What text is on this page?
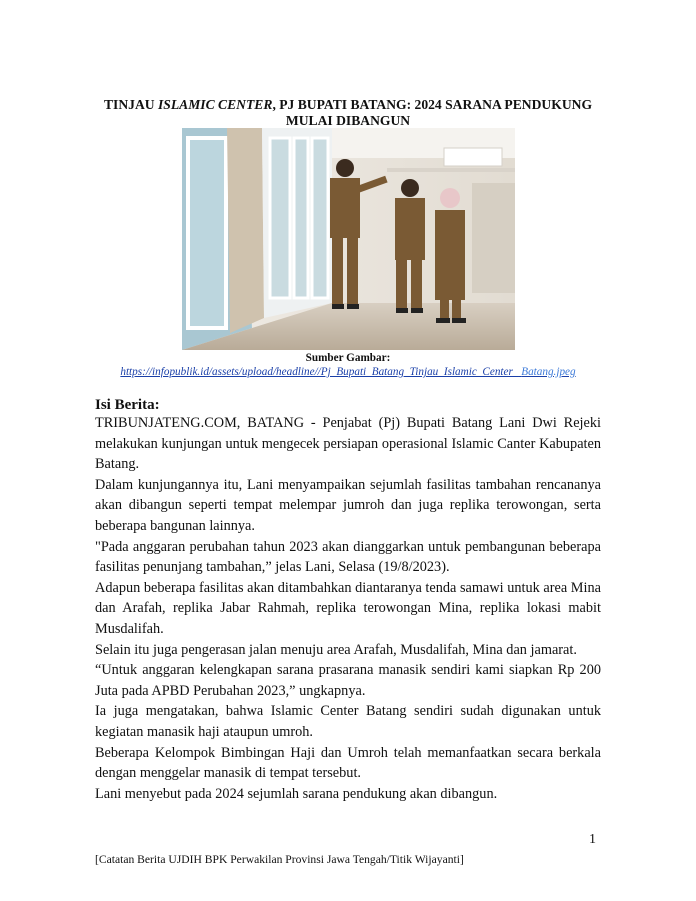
TINJAU ISLAMIC CENTER, PJ BUPATI BATANG: 2024 SARANA PENDUKUNG
MULAI DIBANGUN
Sumber Gambar:
https://infopublik.id/assets/upload/headline//Pj_Bupati_Batang_Tinjau_Islamic_Center_ Batang.jpeg
Isi Berita:

TRIBUNJATENG.COM, BATANG - Penjabat (Pj) Bupati Batang Lani Dwi Rejeki melakukan kunjungan untuk mengecek persiapan operasional Islamic Canter Kabupaten Batang.

Dalam kunjungannya itu, Lani menyampaikan sejumlah fasilitas tambahan rencananya akan dibangun seperti tempat melempar jumroh dan juga replika terowongan, serta beberapa bangunan lainnya.

"Pada anggaran perubahan tahun 2023 akan dianggarkan untuk pembangunan beberapa fasilitas penunjang tambahan,” jelas Lani, Selasa (19/8/2023).

Adapun beberapa fasilitas akan ditambahkan diantaranya tenda samawi untuk area Mina dan Arafah, replika Jabar Rahmah, replika terowongan Mina, replika lokasi mabit Musdalifah.

Selain itu juga pengerasan jalan menuju area Arafah, Musdalifah, Mina dan jamarat.

“Untuk anggaran kelengkapan sarana prasarana manasik sendiri kami siapkan Rp 200 Juta pada APBD Perubahan 2023,” ungkapnya.

Ia juga mengatakan, bahwa Islamic Center Batang sendiri sudah digunakan untuk kegiatan manasik haji ataupun umroh.

Beberapa Kelompok Bimbingan Haji dan Umroh telah memanfaatkan secara berkala dengan menggelar manasik di tempat tersebut.

Lani menyebut pada 2024 sejumlah sarana pendukung akan dibangun.

1
[Catatan Berita UJDIH BPK Perwakilan Provinsi Jawa Tengah/Titik Wijayanti]
